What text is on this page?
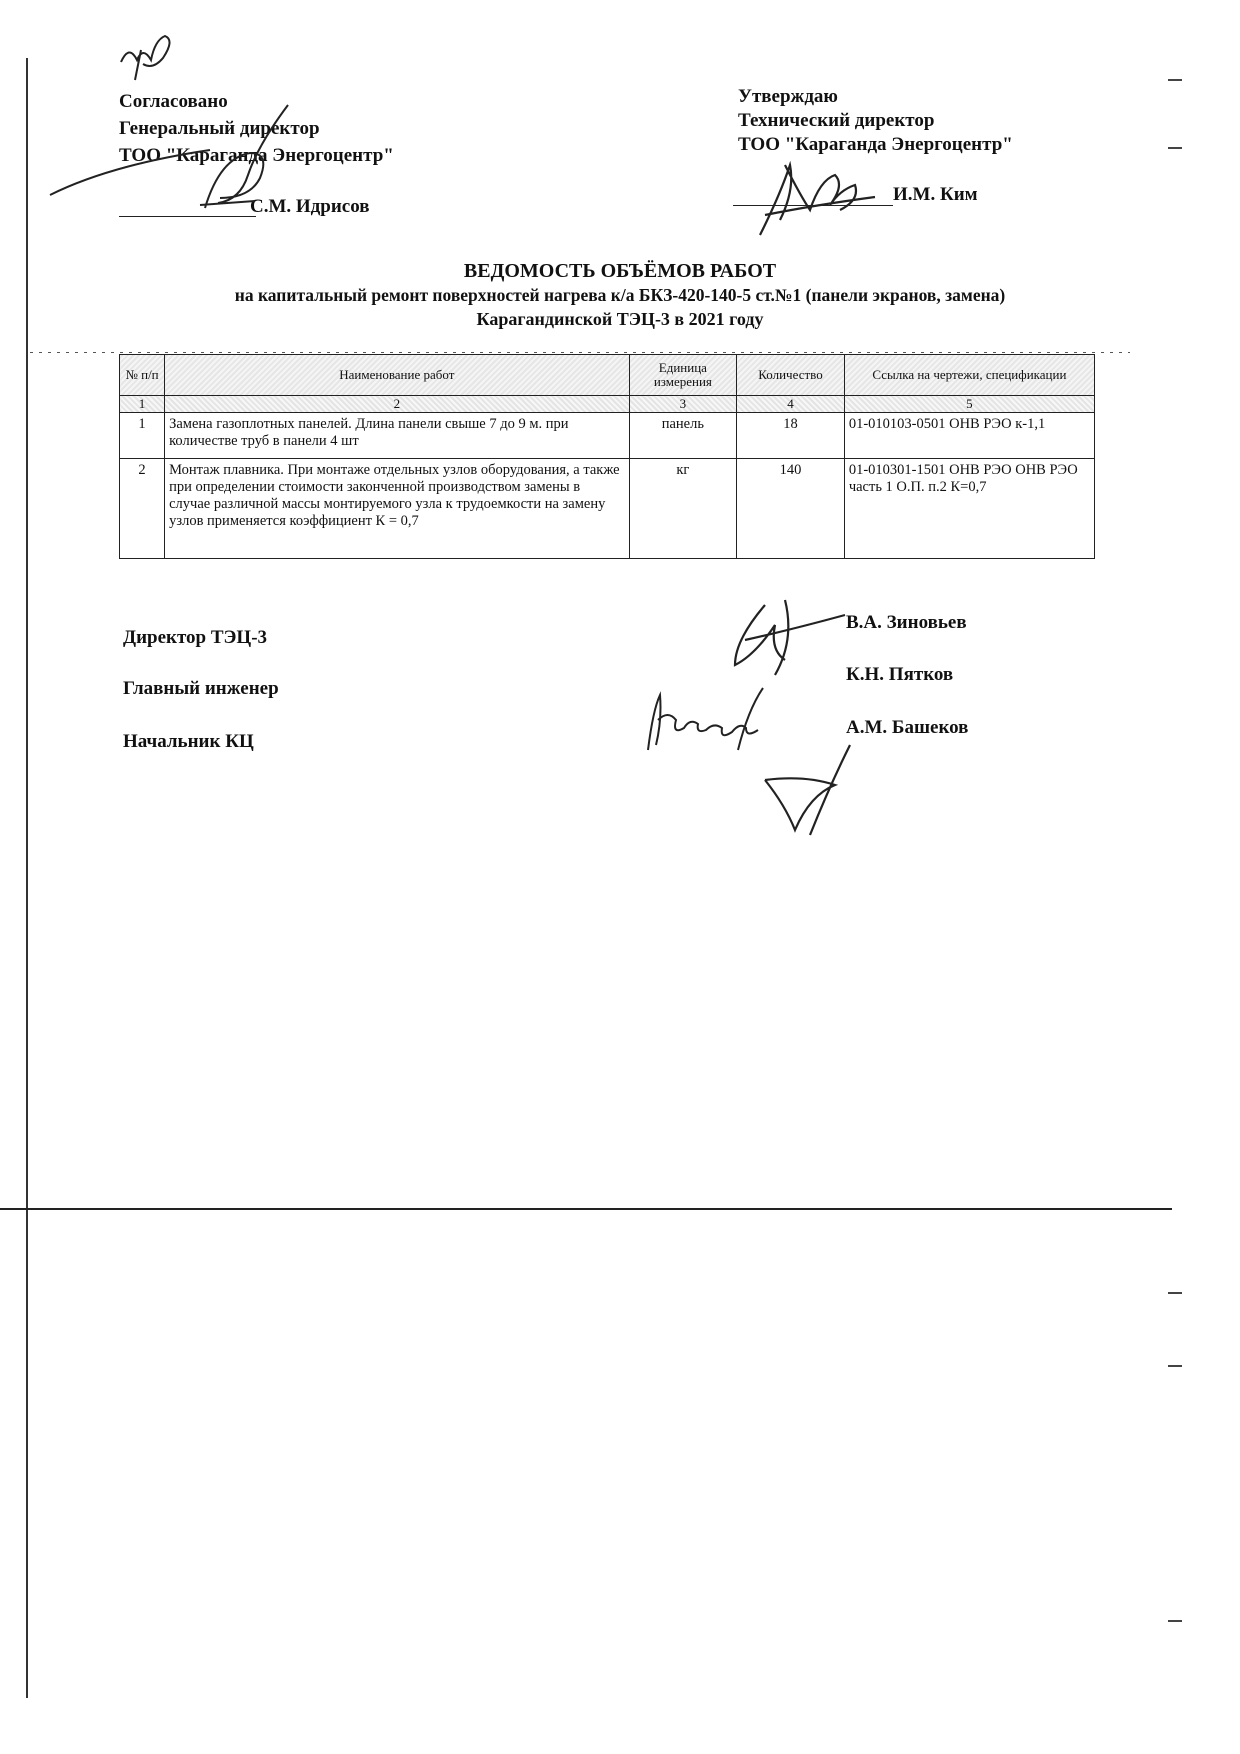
Согласовано
Генеральный директор
ТОО "Караганда Энергоцентр"
С.М. Идрисов
Утверждаю
Технический директор
ТОО "Караганда Энергоцентр"
И.М. Ким
ВЕДОМОСТЬ ОБЪЁМОВ РАБОТ
на капитальный ремонт поверхностей нагрева к/а БКЗ-420-140-5 ст.№1 (панели экранов, замена)
Карагандинской ТЭЦ-3 в 2021 году
№ п/п	Наименование работ	Единица измерения	Количество	Ссылка на чертежи, спецификации
1	2	3	4	5
1	Замена газоплотных панелей. Длина панели свыше 7 до 9 м. при количестве труб в панели 4 шт	панель	18	01-010103-0501 ОНВ РЭО к-1,1
2	Монтаж плавника. При монтаже отдельных узлов оборудования, а также при определении стоимости законченной производством замены в случае различной массы монтируемого узла к трудоемкости на замену узлов применяется коэффициент К = 0,7	кг	140	01-010301-1501 ОНВ РЭО ОНВ РЭО часть 1 О.П. п.2 К=0,7
Директор ТЭЦ-3
Главный инженер
Начальник КЦ
В.А. Зиновьев
К.Н. Пятков
А.М. Башеков
